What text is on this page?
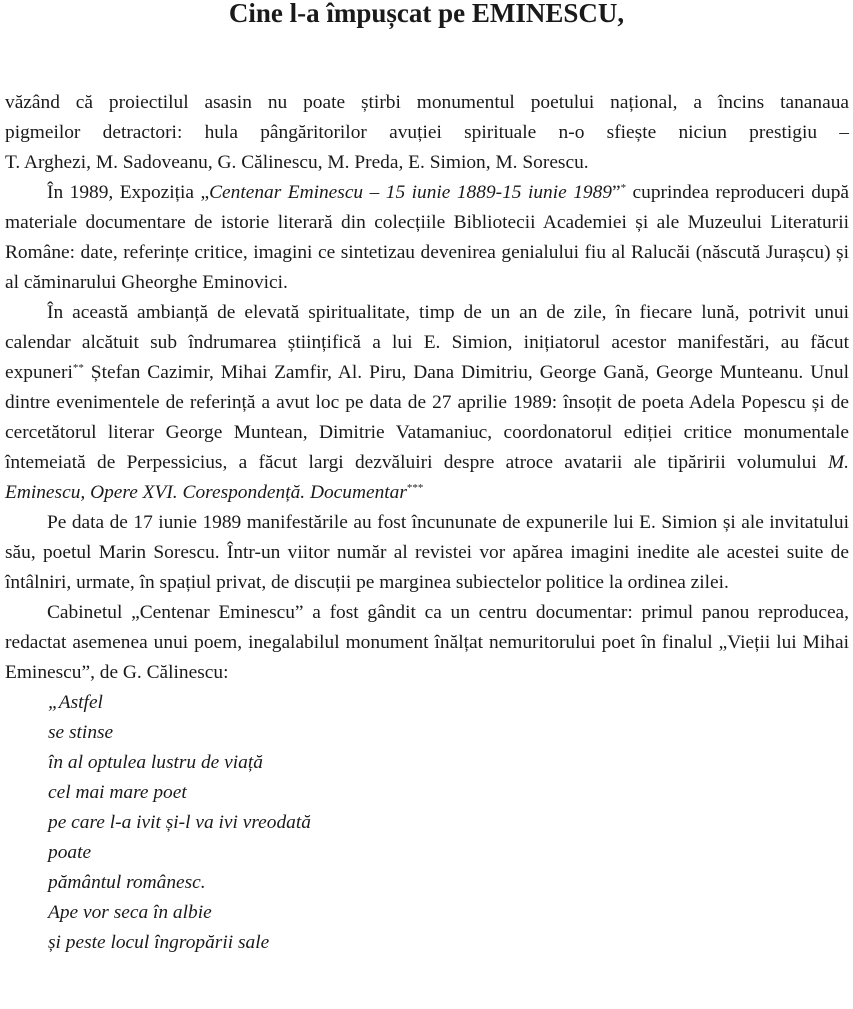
Cine l-a împușcat pe EMINESCU,

văzând că proiectilul asasin nu poate știrbi monumentul poetului național, a încins tananaua

pigmeilor detractori: hula pângăritorilor avuției spirituale n-o sfiește niciun prestigiu –

T. Arghezi, M. Sadoveanu, G. Călinescu, M. Preda, E. Simion, M. Sorescu.

În 1989, Expoziția „Centenar Eminescu – 15 iunie 1889-15 iunie 1989”* cuprindea reproduceri după materiale documentare de istorie literară din colecțiile Bibliotecii Academiei și ale Muzeului Literaturii Române: date, referințe critice, imagini ce sintetizau devenirea genialului fiu al Ralucăi (născută Jurașcu) și al căminarului Gheorghe Eminovici.

În această ambianță de elevată spiritualitate, timp de un an de zile, în fiecare lună, potrivit unui calendar alcătuit sub îndrumarea științifică a lui E. Simion, inițiatorul acestor manifestări, au făcut expuneri** Ștefan Cazimir, Mihai Zamfir, Al. Piru, Dana Dimitriu, George Gană, George Munteanu. Unul dintre evenimentele de referință a avut loc pe data de 27 aprilie 1989: însoțit de poeta Adela Popescu și de cercetătorul literar George Muntean, Dimitrie Vatamaniuc, coordonatorul ediției critice monumentale întemeiată de Perpessicius, a făcut largi dezvăluiri despre atroce avatarii ale tipăririi volumului M. Eminescu, Opere XVI. Corespondență. Documentar***

Pe data de 17 iunie 1989 manifestările au fost încununate de expunerile lui E. Simion și ale invitatului său, poetul Marin Sorescu. Într-un viitor număr al revistei vor apărea imagini inedite ale acestei suite de întâlniri, urmate, în spațiul privat, de discuții pe marginea subiectelor politice la ordinea zilei.

Cabinetul „Centenar Eminescu” a fost gândit ca un centru documentar: primul panou reproducea, redactat asemenea unui poem, inegalabilul monument înălțat nemuritorului poet în finalul „Vieții lui Mihai Eminescu”, de G. Călinescu:

„Astfel
se stinse
în al optulea lustru de viață
cel mai mare poet
pe care l-a ivit și-l va ivi vreodată
poate
pământul românesc.
Ape vor seca în albie
și peste locul îngropării sale
